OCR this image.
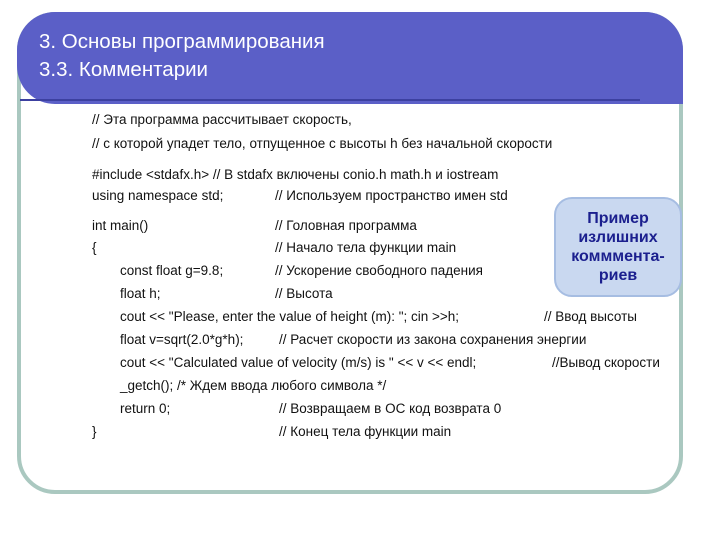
3. Основы программирования
3.3. Комментарии
// Эта программа рассчитывает скорость,
// с которой упадет тело, отпущенное с высоты h без начальной скорости
#include <stdafx.h> // В stdafx включены conio.h math.h и iostream
using namespace std;	// Используем пространство имен std
int main()	// Головная программа
{	// Начало тела функции main
const float g=9.8;	// Ускорение свободного падения
float h;	// Высота
cout << "Please, enter the value of height (m): "; cin >>h;	// Ввод высоты
float v=sqrt(2.0*g*h);	// Расчет скорости из закона сохранения энергии
cout << "Calculated value of velocity (m/s) is " << v << endl;	//Вывод скорости
_getch(); /* Ждем ввода любого символа */
return 0;	// Возвращаем в ОС код возврата 0
}	// Конец тела функции main
Пример
излишних
комммента-
риев
